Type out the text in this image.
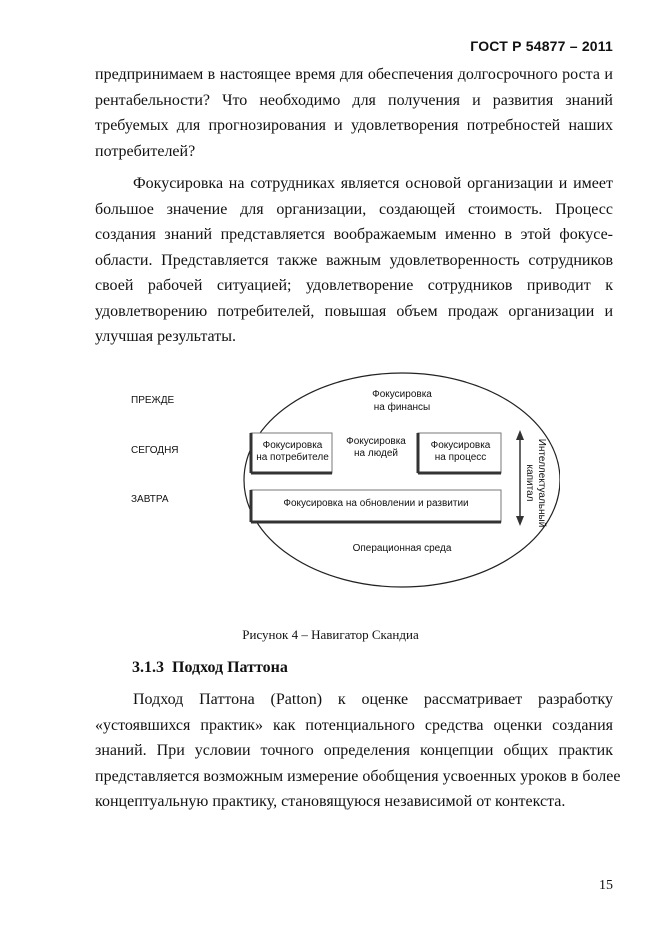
ГОСТ Р 54877 – 2011
предпринимаем в настоящее время для обеспечения долгосрочного роста и
рентабельности? Что необходимо для получения и развития знаний
требуемых для прогнозирования и удовлетворения потребностей наших
потребителей?
Фокусировка на сотрудниках является основой организации и имеет
большое значение для организации, создающей стоимость. Процесс
создания знаний представляется воображаемым именно в этой фокусе-
области. Представляется также важным удовлетворенность сотрудников
своей рабочей ситуацией; удовлетворение сотрудников приводит к
удовлетворению потребителей, повышая объем продаж организации и
улучшая результаты.
ПРЕЖДЕ
СЕГОДНЯ
ЗАВТРА
Фокусировка
на финансы
Фокусировка
на потребителе
Фокусировка
на людей
Фокусировка
на процесс
Фокусировка на обновлении и развитии
Операционная среда
Интеллектуальный
капитал
Рисунок 4 – Навигатор Скандиа
3.1.3 Подход Паттона
Подход Паттона (Patton) к оценке рассматривает разработку
«устоявшихся практик» как потенциального средства оценки создания
знаний. При условии точного определения концепции общих практик
представляется возможным измерение обобщения усвоенных уроков в более
концептуальную практику, становящуюся независимой от контекста.
15
